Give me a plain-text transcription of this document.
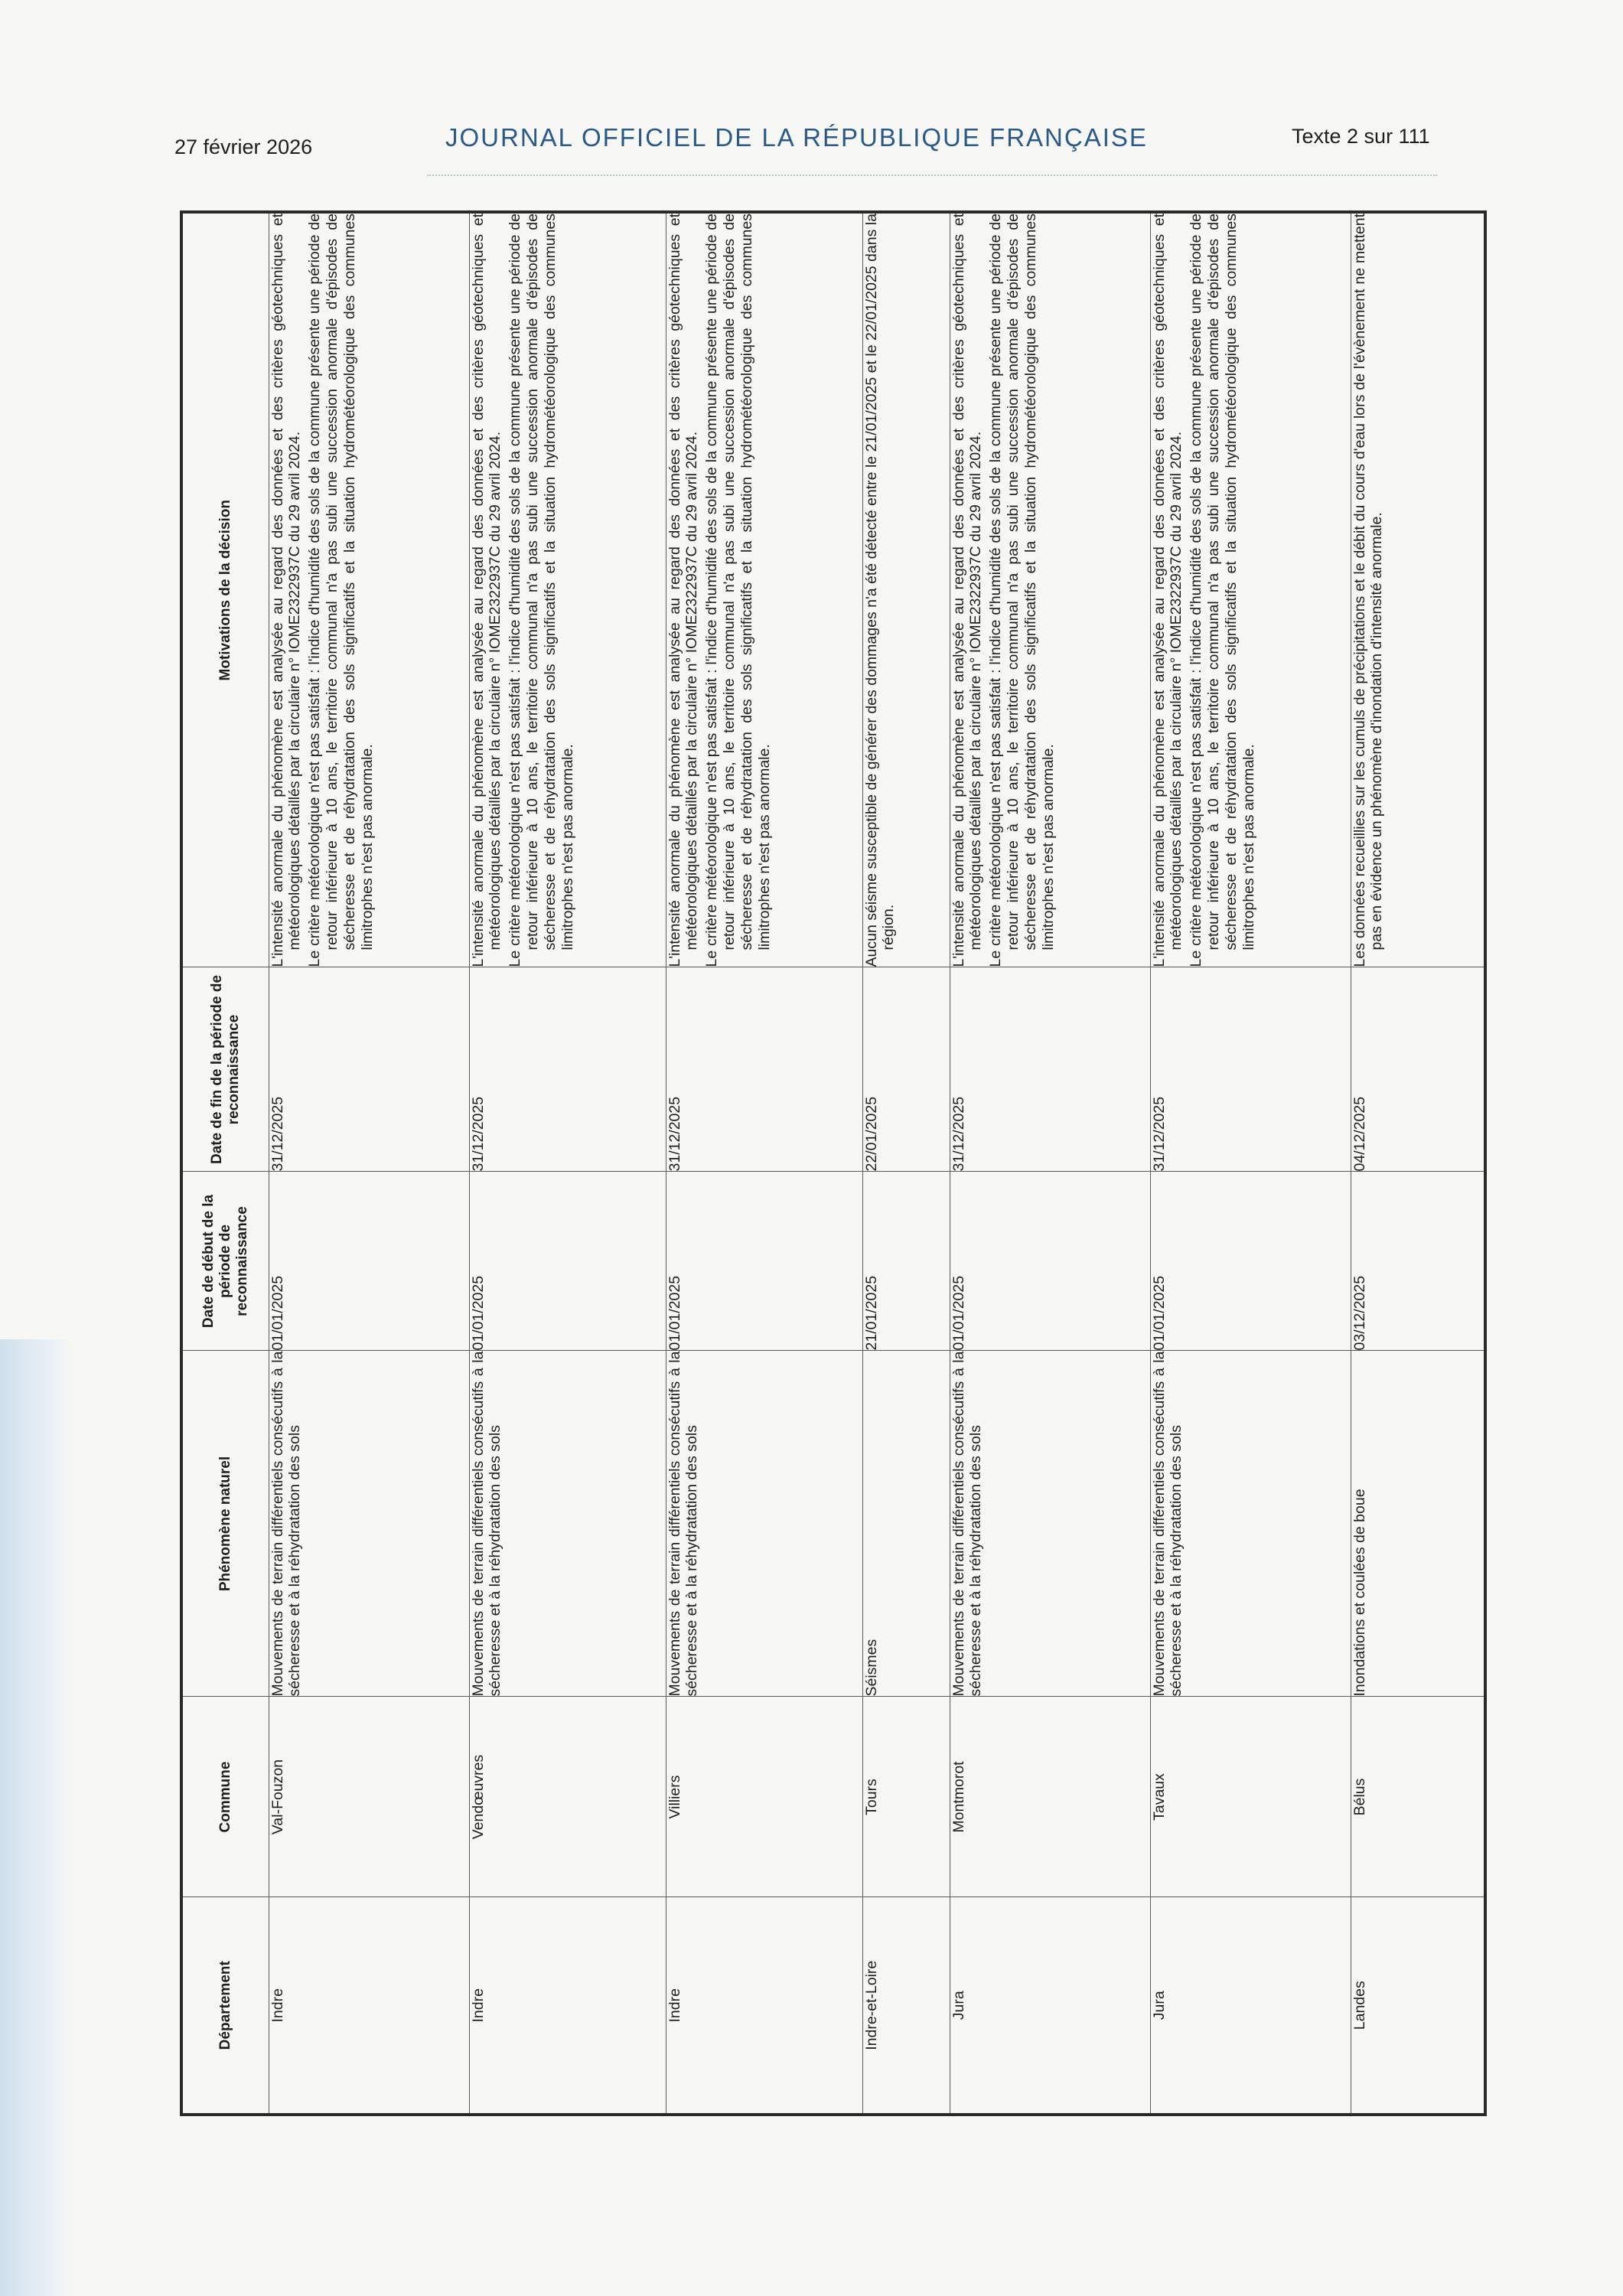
27 février 2026	JOURNAL OFFICIEL DE LA RÉPUBLIQUE FRANÇAISE	Texte 2 sur 111
Département	Commune	Phénomène naturel	Date de début de la période de reconnaissance	Date de fin de la période de reconnaissance	Motivations de la décision
Indre	Val-Fouzon	Mouvements de terrain différentiels consécutifs à la sécheresse et à la réhydratation des sols	01/01/2025	31/12/2025	L'intensité anormale du phénomène est analysée au regard des données et des critères géotechniques et météorologiques détaillés par la circulaire n° IOME2322937C du 29 avril 2024. Le critère météorologique n'est pas satisfait : l'indice d'humidité des sols de la commune présente une période de retour inférieure à 10 ans, le territoire communal n'a pas subi une succession anormale d'épisodes de sécheresse et de réhydratation des sols significatifs et la situation hydrométéorologique des communes limitrophes n'est pas anormale.

Indre	Vendœuvres	Mouvements de terrain différentiels consécutifs à la sécheresse et à la réhydratation des sols	01/01/2025	31/12/2025	L'intensité anormale du phénomène est analysée au regard des données et des critères géotechniques et météorologiques détaillés par la circulaire n° IOME2322937C du 29 avril 2024. Le critère météorologique n'est pas satisfait : l'indice d'humidité des sols de la commune présente une période de retour inférieure à 10 ans, le territoire communal n'a pas subi une succession anormale d'épisodes de sécheresse et de réhydratation des sols significatifs et la situation hydrométéorologique des communes limitrophes n'est pas anormale.

Indre	Villiers	Mouvements de terrain différentiels consécutifs à la sécheresse et à la réhydratation des sols	01/01/2025	31/12/2025	L'intensité anormale du phénomène est analysée au regard des données et des critères géotechniques et météorologiques détaillés par la circulaire n° IOME2322937C du 29 avril 2024. Le critère météorologique n'est pas satisfait : l'indice d'humidité des sols de la commune présente une période de retour inférieure à 10 ans, le territoire communal n'a pas subi une succession anormale d'épisodes de sécheresse et de réhydratation des sols significatifs et la situation hydrométéorologique des communes limitrophes n'est pas anormale.

Indre-et-Loire	Tours	Séismes	21/01/2025	22/01/2025	Aucun séisme susceptible de générer des dommages n'a été détecté entre le 21/01/2025 et le 22/01/2025 dans la région.

Jura	Montmorot	Mouvements de terrain différentiels consécutifs à la sécheresse et à la réhydratation des sols	01/01/2025	31/12/2025	L'intensité anormale du phénomène est analysée au regard des données et des critères géotechniques et météorologiques détaillés par la circulaire n° IOME2322937C du 29 avril 2024. Le critère météorologique n'est pas satisfait : l'indice d'humidité des sols de la commune présente une période de retour inférieure à 10 ans, le territoire communal n'a pas subi une succession anormale d'épisodes de sécheresse et de réhydratation des sols significatifs et la situation hydrométéorologique des communes limitrophes n'est pas anormale.

Jura	Tavaux	Mouvements de terrain différentiels consécutifs à la sécheresse et à la réhydratation des sols	01/01/2025	31/12/2025	L'intensité anormale du phénomène est analysée au regard des données et des critères géotechniques et météorologiques détaillés par la circulaire n° IOME2322937C du 29 avril 2024. Le critère météorologique n'est pas satisfait : l'indice d'humidité des sols de la commune présente une période de retour inférieure à 10 ans, le territoire communal n'a pas subi une succession anormale d'épisodes de sécheresse et de réhydratation des sols significatifs et la situation hydrométéorologique des communes limitrophes n'est pas anormale.

Landes	Bélus	Inondations et coulées de boue	03/12/2025	04/12/2025	Les données recueillies sur les cumuls de précipitations et le débit du cours d'eau lors de l'évènement ne mettent pas en évidence un phénomène d'inondation d'intensité anormale.
